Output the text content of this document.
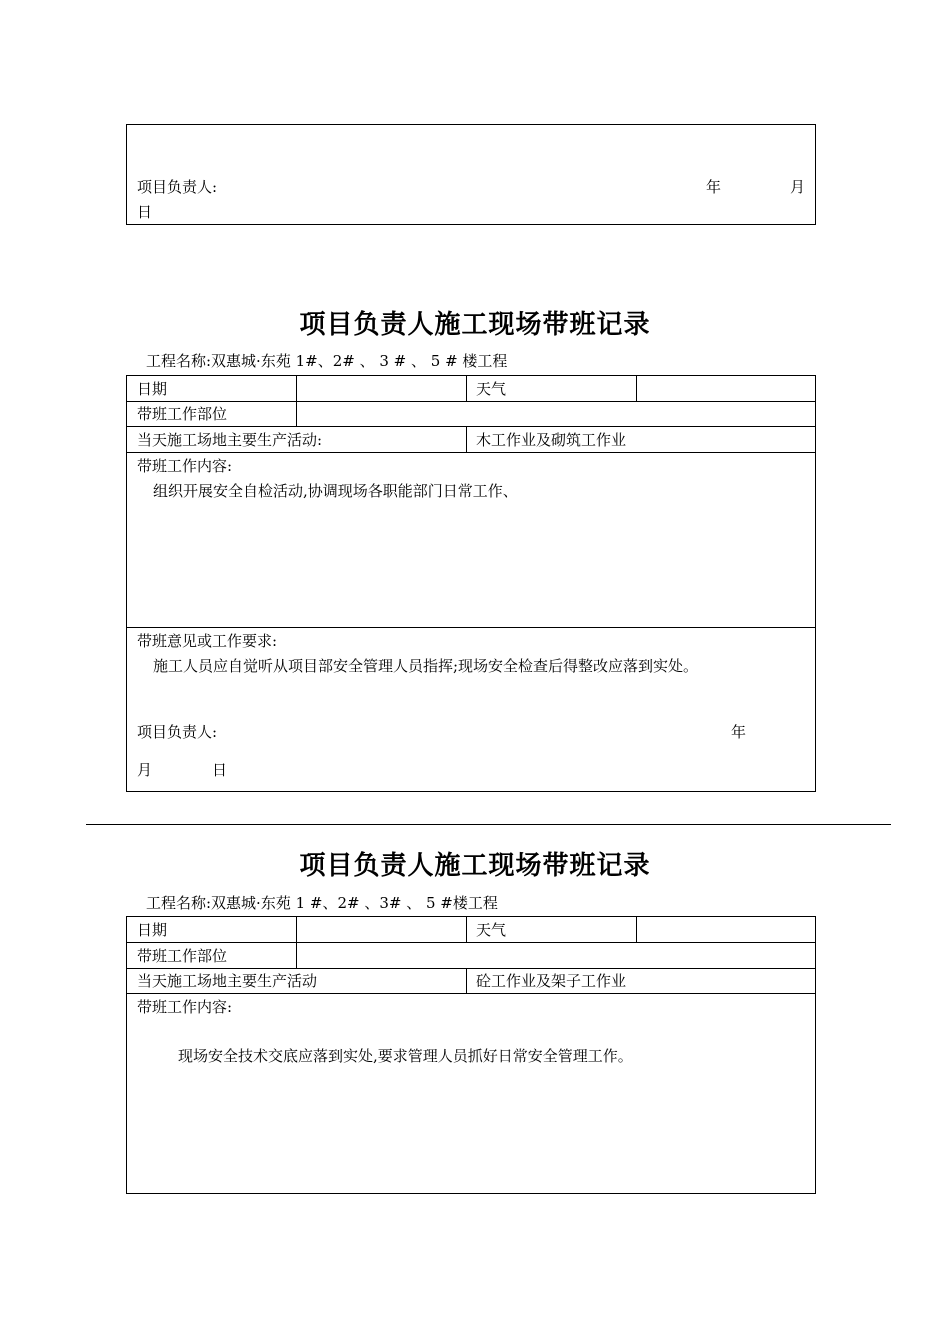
项目负责人:	年	月
日
项目负责人施工现场带班记录
工程名称:双惠城·东苑 1#、2# 、 3 # 、 5 # 楼工程
日期	天气
带班工作部位
当天施工场地主要生产活动:	木工作业及砌筑工作业
带班工作内容:
组织开展安全自检活动,协调现场各职能部门日常工作、
带班意见或工作要求:
施工人员应自觉听从项目部安全管理人员指挥;现场安全检查后得整改应落到实处。
项目负责人:	年
月	日
项目负责人施工现场带班记录
工程名称:双惠城·东苑 1 #、2# 、3# 、 5 #楼工程
日期	天气
带班工作部位
当天施工场地主要生产活动	砼工作业及架子工作业
带班工作内容:
现场安全技术交底应落到实处,要求管理人员抓好日常安全管理工作。
